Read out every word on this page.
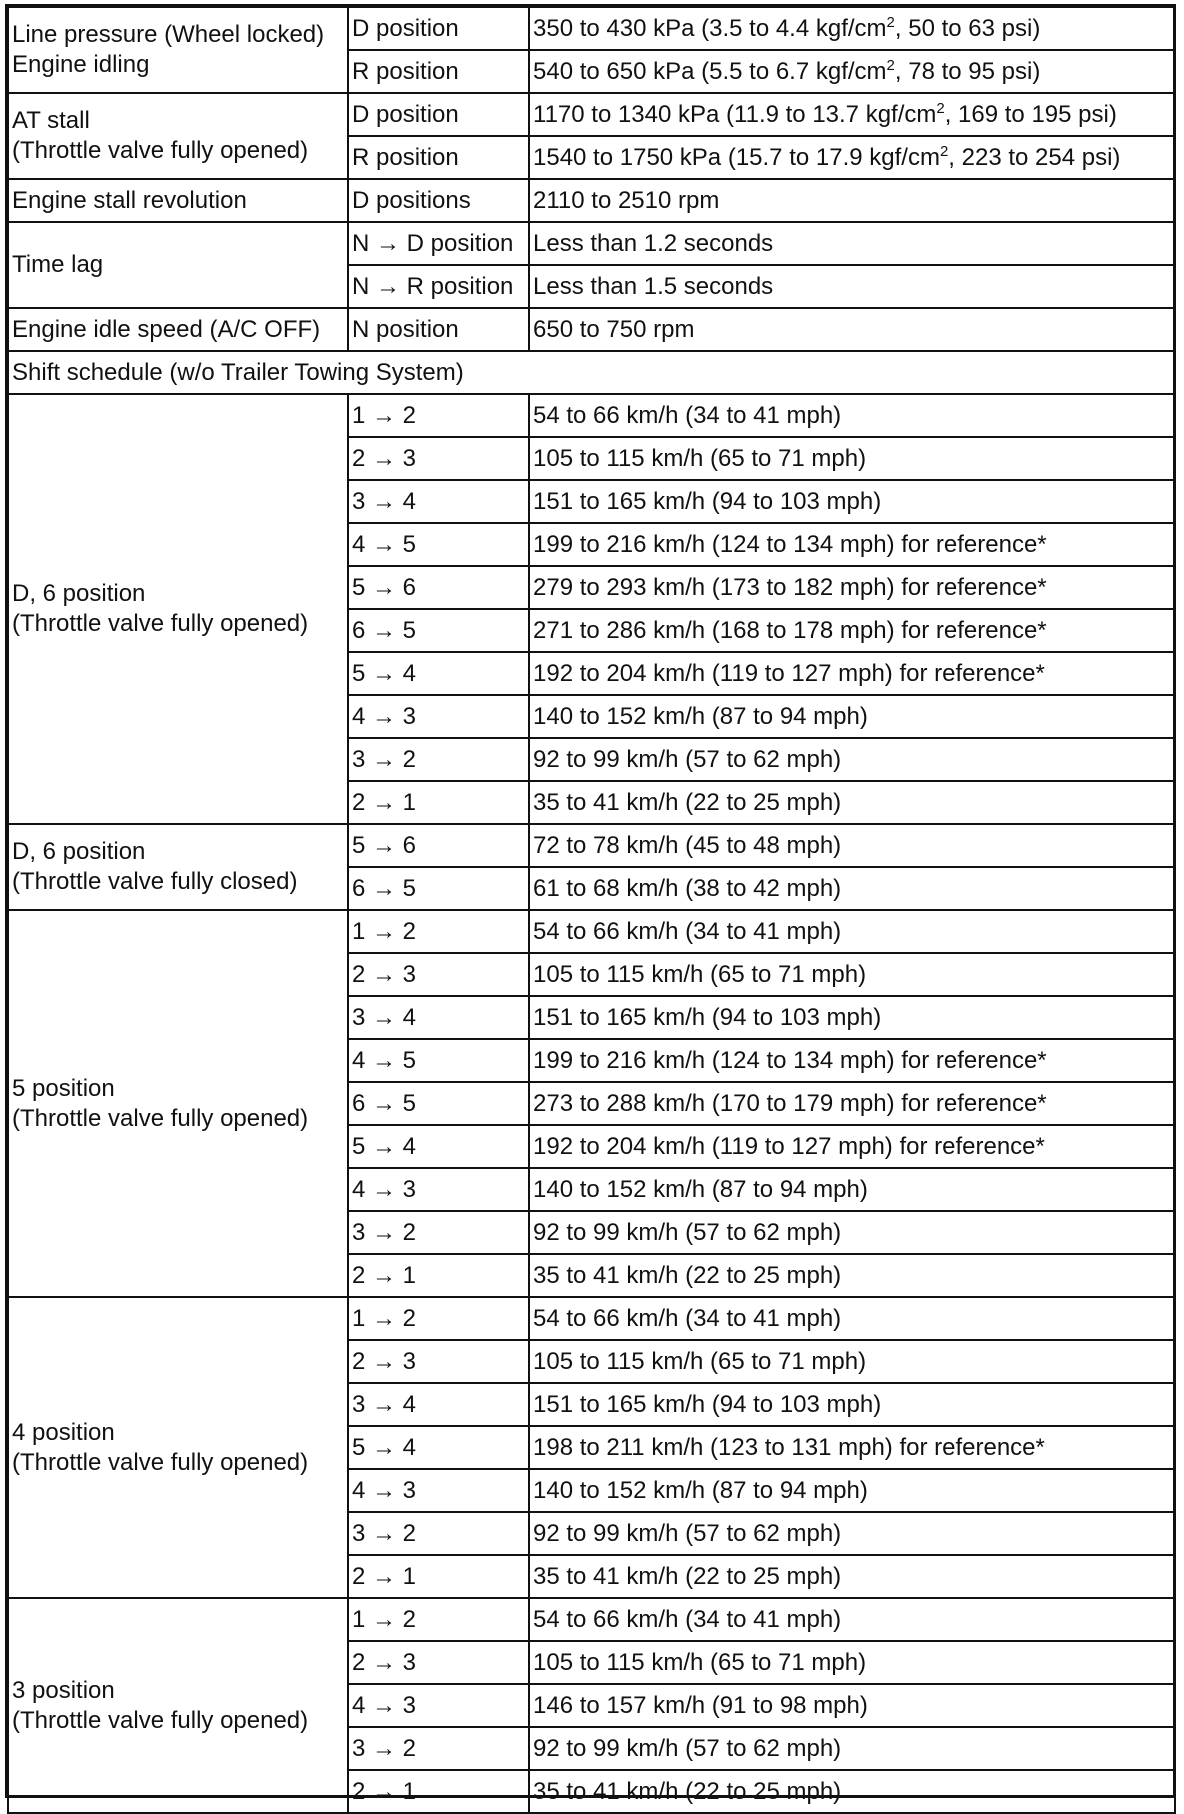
Line pressure (Wheel locked)
Engine idling	D position	350 to 430 kPa (3.5 to 4.4 kgf/$cm^2$, 50 to 63 psi)
	R position	540 to 650 kPa (5.5 to 6.7 kgf/$cm^2$, 78 to 95 psi)
AT stall
(Throttle valve fully opened)	D position	1170 to 1340 kPa (11.9 to 13.7 kgf/$cm^2$, 169 to 195 psi)
	R position	1540 to 1750 kPa (15.7 to 17.9 kgf/$cm^2$, 223 to 254 psi)
Engine stall revolution	D positions	2110 to 2510 rpm
Time lag	N → D position	Less than 1.2 seconds
	N → R position	Less than 1.5 seconds
Engine idle speed (A/C OFF)	N position	650 to 750 rpm
Shift schedule (w/o Trailer Towing System)		
D, 6 position
(Throttle valve fully opened)	1 → 2	54 to 66 km/h (34 to 41 mph)
	2 → 3	105 to 115 km/h (65 to 71 mph)
	3 → 4	151 to 165 km/h (94 to 103 mph)
	4 → 5	199 to 216 km/h (124 to 134 mph) for reference*
	5 → 6	279 to 293 km/h (173 to 182 mph) for reference*
	6 → 5	271 to 286 km/h (168 to 178 mph) for reference*
	5 → 4	192 to 204 km/h (119 to 127 mph) for reference*
	4 → 3	140 to 152 km/h (87 to 94 mph)
	3 → 2	92 to 99 km/h (57 to 62 mph)
	2 → 1	35 to 41 km/h (22 to 25 mph)
D, 6 position
(Throttle valve fully closed)	5 → 6	72 to 78 km/h (45 to 48 mph)
	6 → 5	61 to 68 km/h (38 to 42 mph)
5 position
(Throttle valve fully opened)	1 → 2	54 to 66 km/h (34 to 41 mph)
	2 → 3	105 to 115 km/h (65 to 71 mph)
	3 → 4	151 to 165 km/h (94 to 103 mph)
	4 → 5	199 to 216 km/h (124 to 134 mph) for reference*
	6 → 5	273 to 288 km/h (170 to 179 mph) for reference*
	5 → 4	192 to 204 km/h (119 to 127 mph) for reference*
	4 → 3	140 to 152 km/h (87 to 94 mph)
	3 → 2	92 to 99 km/h (57 to 62 mph)
	2 → 1	35 to 41 km/h (22 to 25 mph)
4 position
(Throttle valve fully opened)	1 → 2	54 to 66 km/h (34 to 41 mph)
	2 → 3	105 to 115 km/h (65 to 71 mph)
	3 → 4	151 to 165 km/h (94 to 103 mph)
	5 → 4	198 to 211 km/h (123 to 131 mph) for reference*
	4 → 3	140 to 152 km/h (87 to 94 mph)
	3 → 2	92 to 99 km/h (57 to 62 mph)
	2 → 1	35 to 41 km/h (22 to 25 mph)
3 position
(Throttle valve fully opened)	1 → 2	54 to 66 km/h (34 to 41 mph)
	2 → 3	105 to 115 km/h (65 to 71 mph)
	4 → 3	146 to 157 km/h (91 to 98 mph)
	3 → 2	92 to 99 km/h (57 to 62 mph)
	2 → 1	35 to 41 km/h (22 to 25 mph)
